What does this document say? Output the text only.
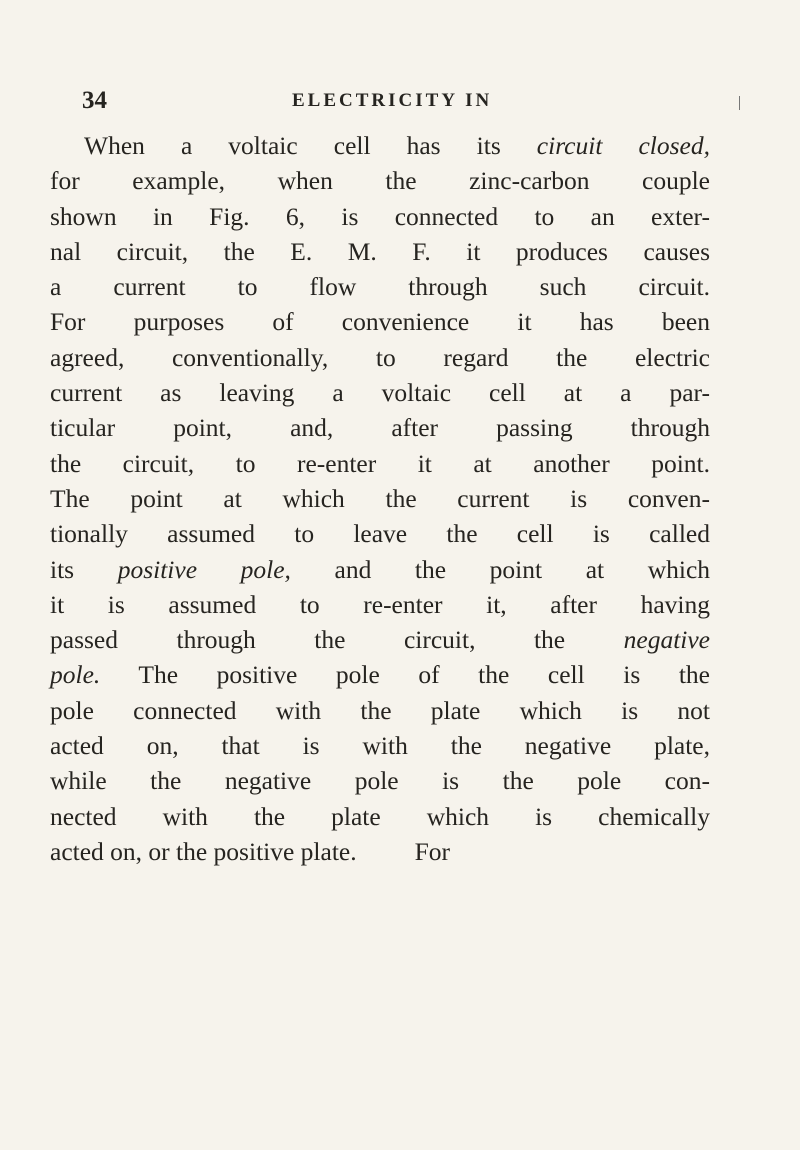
34	ELECTRICITY IN
When a voltaic cell has its circuit closed,
for example, when the zinc-carbon couple
shown in Fig. 6, is connected to an exter-
nal circuit, the E. M. F. it produces causes
a current to flow through such circuit.
For purposes of convenience it has been
agreed, conventionally, to regard the electric
current as leaving a voltaic cell at a par-
ticular point, and, after passing through
the circuit, to re-enter it at another point.
The point at which the current is conven-
tionally assumed to leave the cell is called
its positive pole, and the point at which
it is assumed to re-enter it, after having
passed through the circuit, the negative
pole. The positive pole of the cell is the
pole connected with the plate which is not
acted on, that is with the negative plate,
while the negative pole is the pole con-
nected with the plate which is chemically
acted on, or the positive plate. For
